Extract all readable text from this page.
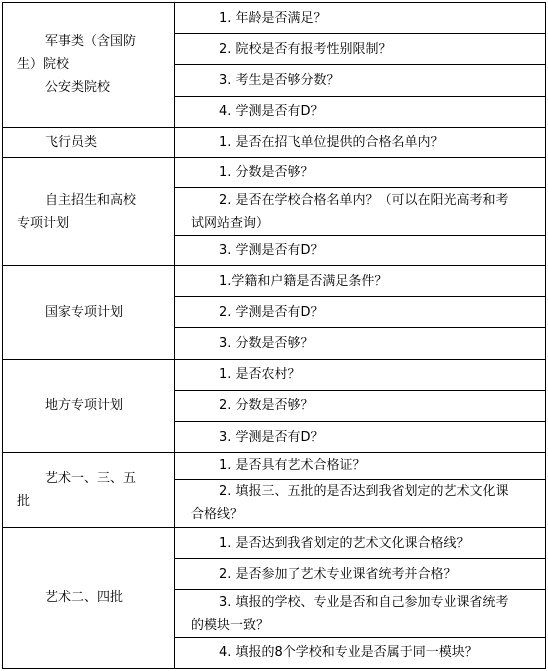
军事类（含国防
生）院校
公安类院校	1. 年龄是否满足？
	2. 院校是否有报考性别限制？
	3. 考生是否够分数？
	4. 学测是否有D？

飞行员类	1. 是否在招飞单位提供的合格名单内？

自主招生和高校
专项计划	1. 分数是否够？

	2. 是否在学校合格名单内？（可以在阳光高考和考
试网站查询）

	3. 学测是否有D？

国家专项计划	1.学籍和户籍是否满足条件？
	2. 学测是否有D？
	3. 分数是否够？

地方专项计划	1. 是否农村？
	2. 分数是否够？
	3. 学测是否有D？

艺术一、三、五
批	1. 是否具有艺术合格证？

	2. 填报三、五批的是否达到我省划定的艺术文化课
合格线？

艺术二、四批	1. 是否达到我省划定的艺术文化课合格线？
	2. 是否参加了艺术专业课省统考并合格？

	3. 填报的学校、专业是否和自己参加专业课省统考
的模块一致？

	4. 填报的8个学校和专业是否属于同一模块？
